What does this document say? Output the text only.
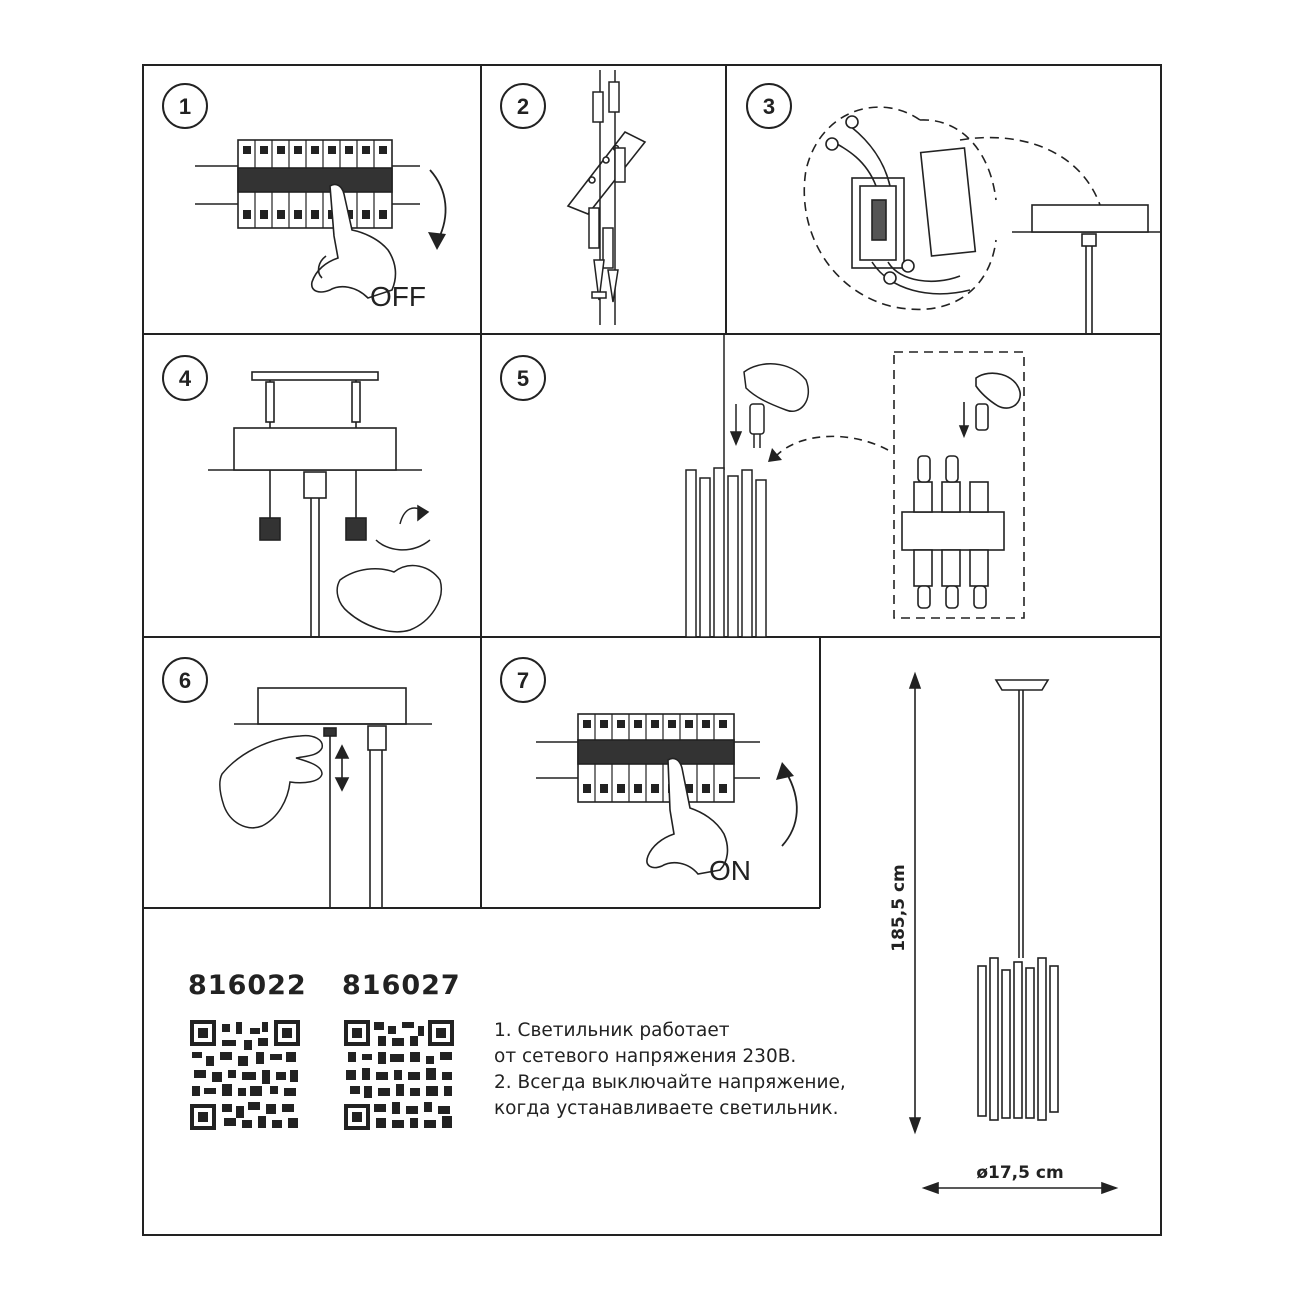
1	2	3
4	5
6	7
OFF
ON	185,5 cm
ø17,5 cm
816022 816027
1. Светильник работает
от сетевого напряжения 230В.
2. Всегда выключайте напряжение,
когда устанавливаете светильник.
